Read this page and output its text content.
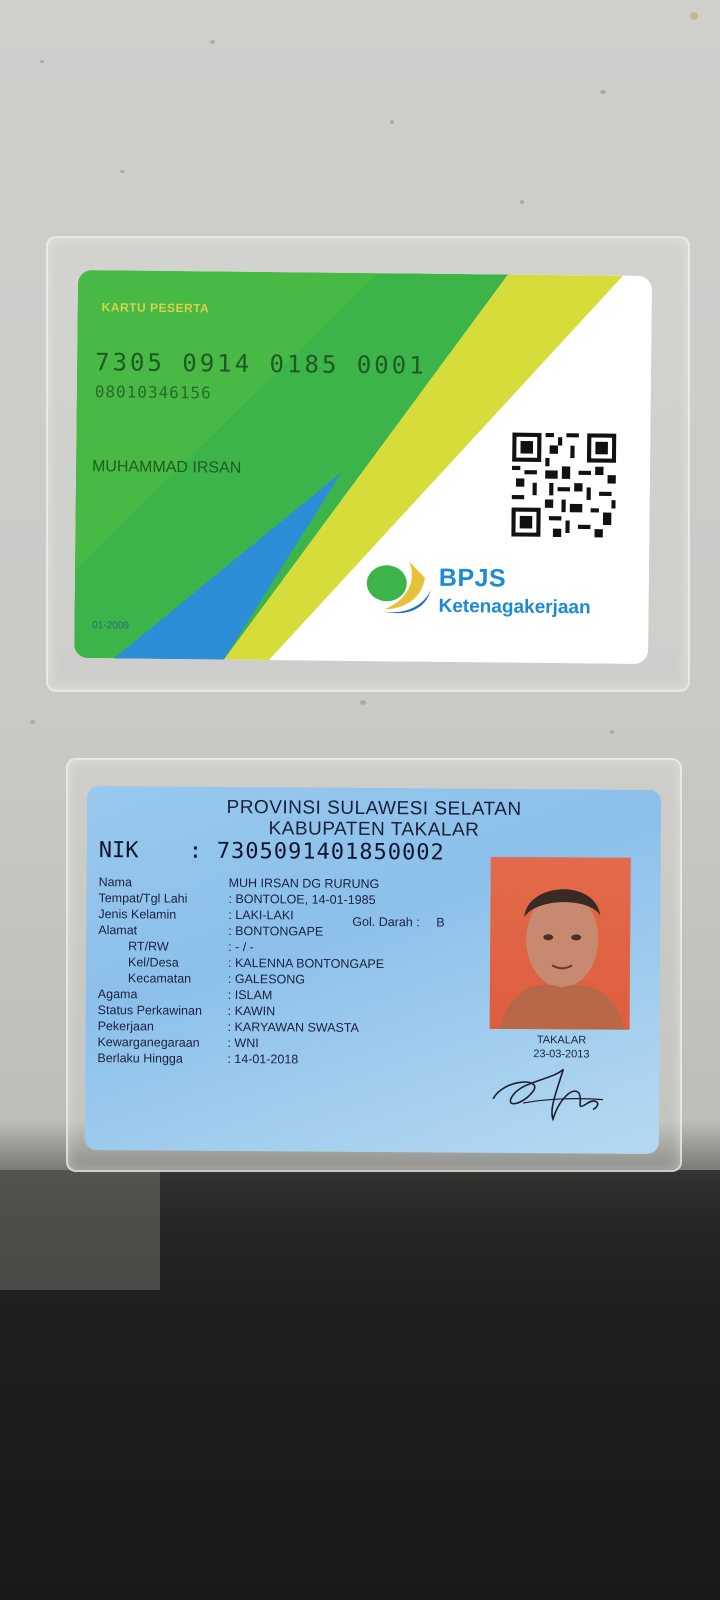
KARTU PESERTA
7305 0914 0185 0001
08010346156
MUHAMMAD IRSAN
01-2009
BPJS
Ketenagakerjaan
PROVINSI SULAWESI SELATAN
KABUPATEN TAKALAR
NIK : 730509140185000‌2
Nama	MUH IRSAN DG RURUNG
Tempat/Tgl Lahi	: BONTOLOE, 14-01-1985
Jenis Kelamin	: LAKI-LAKI	Gol. Darah : B
Alamat	: BONTONGAPE
RT/RW	: - / -
Kel/Desa	: KALENNA BONTONGAPE
Kecamatan	: GALESONG
Agama	: ISLAM
Status Perkawinan : KAWIN
Pekerjaan	: KARYAWAN SWASTA
Kewarganegaraan : WNI
Berlaku Hingga	: 14-01-2018
TAKALAR
23-03-2013
